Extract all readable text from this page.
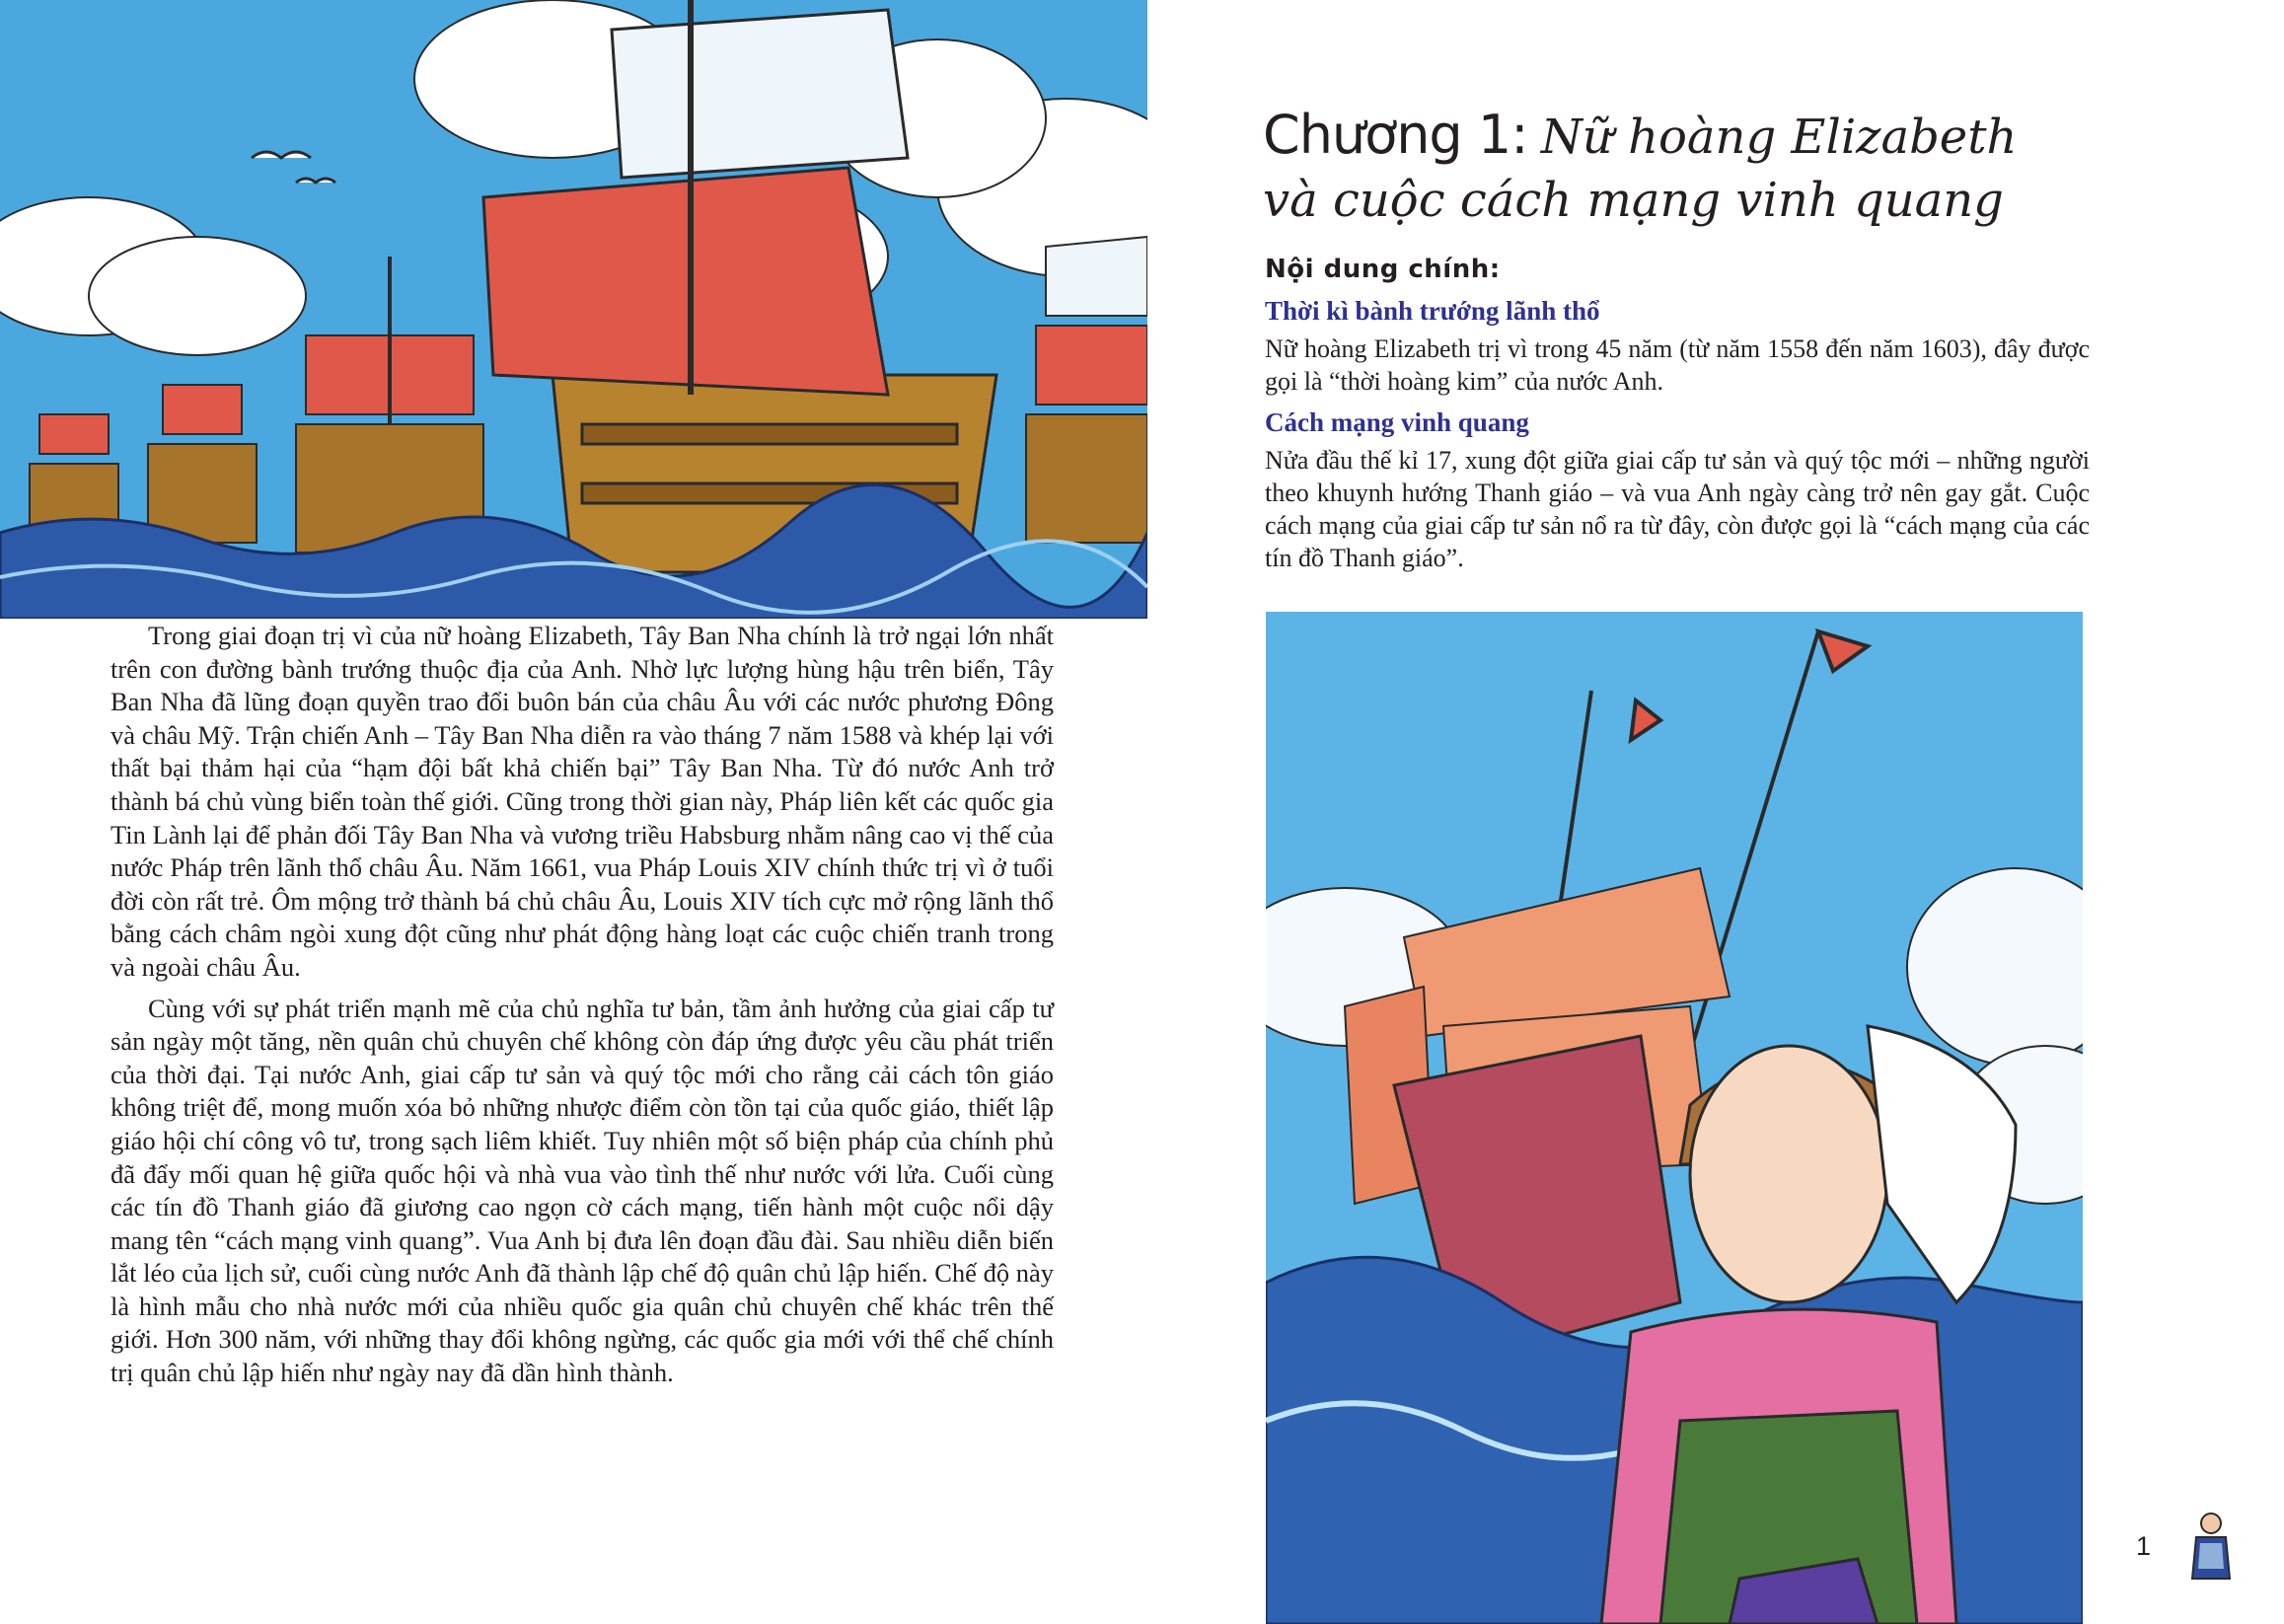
Trong giai đoạn trị vì của nữ hoàng Elizabeth, Tây Ban Nha chính là trở ngại lớn nhất trên con đường bành trướng thuộc địa của Anh. Nhờ lực lượng hùng hậu trên biển, Tây Ban Nha đã lũng đoạn quyền trao đổi buôn bán của châu Âu với các nước phương Đông và châu Mỹ. Trận chiến Anh – Tây Ban Nha diễn ra vào tháng 7 năm 1588 và khép lại với thất bại thảm hại của “hạm đội bất khả chiến bại” Tây Ban Nha. Từ đó nước Anh trở thành bá chủ vùng biển toàn thế giới. Cũng trong thời gian này, Pháp liên kết các quốc gia Tin Lành lại để phản đối Tây Ban Nha và vương triều Habsburg nhằm nâng cao vị thế của nước Pháp trên lãnh thổ châu Âu. Năm 1661, vua Pháp Louis XIV chính thức trị vì ở tuổi đời còn rất trẻ. Ôm mộng trở thành bá chủ châu Âu, Louis XIV tích cực mở rộng lãnh thổ bằng cách châm ngòi xung đột cũng như phát động hàng loạt các cuộc chiến tranh trong và ngoài châu Âu.

Cùng với sự phát triển mạnh mẽ của chủ nghĩa tư bản, tầm ảnh hưởng của giai cấp tư sản ngày một tăng, nền quân chủ chuyên chế không còn đáp ứng được yêu cầu phát triển của thời đại. Tại nước Anh, giai cấp tư sản và quý tộc mới cho rằng cải cách tôn giáo không triệt để, mong muốn xóa bỏ những nhược điểm còn tồn tại của quốc giáo, thiết lập giáo hội chí công vô tư, trong sạch liêm khiết. Tuy nhiên một số biện pháp của chính phủ đã đẩy mối quan hệ giữa quốc hội và nhà vua vào tình thế như nước với lửa. Cuối cùng các tín đồ Thanh giáo đã giương cao ngọn cờ cách mạng, tiến hành một cuộc nổi dậy mang tên “cách mạng vinh quang”. Vua Anh bị đưa lên đoạn đầu đài. Sau nhiều diễn biến lắt léo của lịch sử, cuối cùng nước Anh đã thành lập chế độ quân chủ lập hiến. Chế độ này là hình mẫu cho nhà nước mới của nhiều quốc gia quân chủ chuyên chế khác trên thế giới. Hơn 300 năm, với những thay đổi không ngừng, các quốc gia mới với thể chế chính trị quân chủ lập hiến như ngày nay đã dần hình thành.

Chương 1: Nữ hoàng Elizabeth và cuộc cách mạng vinh quang
Nội dung chính:
Thời kì bành trướng lãnh thổ
Nữ hoàng Elizabeth trị vì trong 45 năm (từ năm 1558 đến năm 1603), đây được gọi là “thời hoàng kim” của nước Anh.
Cách mạng vinh quang
Nửa đầu thế kỉ 17, xung đột giữa giai cấp tư sản và quý tộc mới – những người theo khuynh hướng Thanh giáo – và vua Anh ngày càng trở nên gay gắt. Cuộc cách mạng của giai cấp tư sản nổ ra từ đây, còn được gọi là “cách mạng của các tín đồ Thanh giáo”.
1
